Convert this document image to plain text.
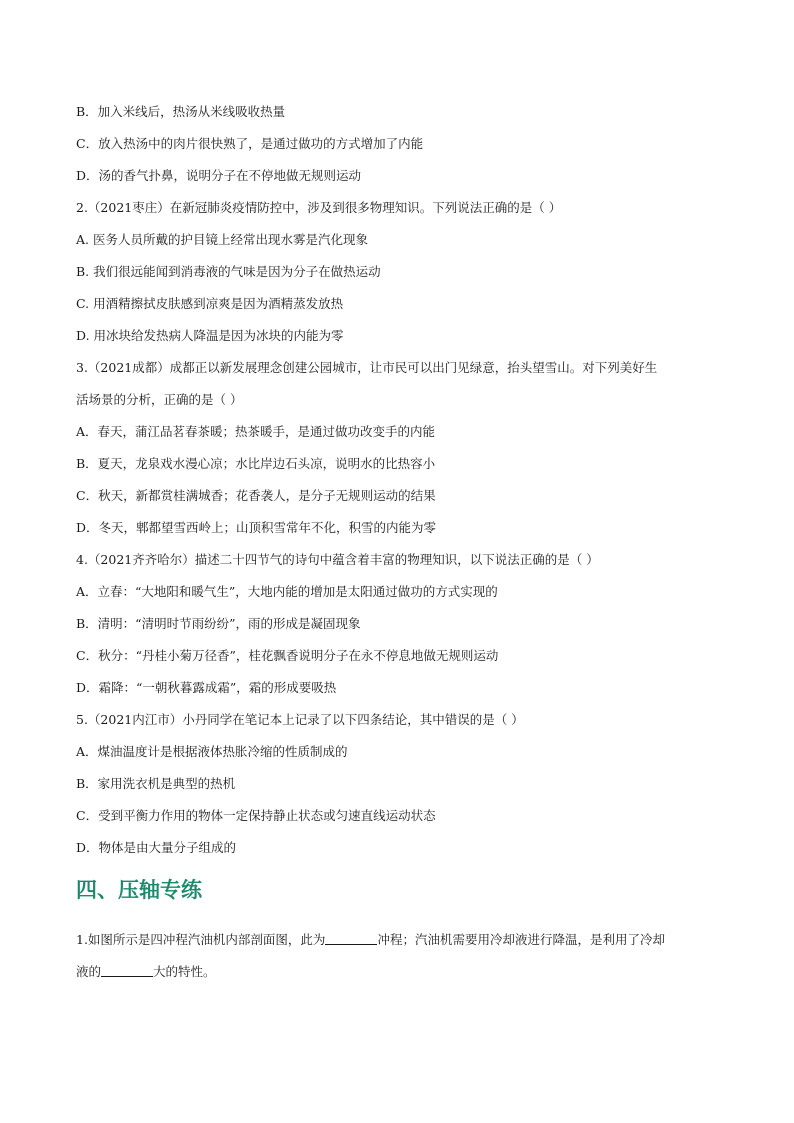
B．加入米线后，热汤从米线吸收热量
C．放入热汤中的肉片很快熟了，是通过做功的方式增加了内能
D．汤的香气扑鼻，说明分子在不停地做无规则运动
2.（2021枣庄）在新冠肺炎疫情防控中，涉及到很多物理知识。下列说法正确的是（ ）
A. 医务人员所戴的护目镜上经常出现水雾是汽化现象
B. 我们很远能闻到消毒液的气味是因为分子在做热运动
C. 用酒精擦拭皮肤感到凉爽是因为酒精蒸发放热
D. 用冰块给发热病人降温是因为冰块的内能为零
3.（2021成都）成都正以新发展理念创建公园城市，让市民可以出门见绿意，抬头望雪山。对下列美好生
活场景的分析，正确的是（ ）
A．春天，蒲江品茗春茶暖；热茶暖手，是通过做功改变手的内能
B．夏天，龙泉戏水漫心凉；水比岸边石头凉，说明水的比热容小
C．秋天，新都赏桂满城香；花香袭人，是分子无规则运动的结果
D．冬天，郫都望雪西岭上；山顶积雪常年不化，积雪的内能为零
4.（2021齐齐哈尔）描述二十四节气的诗句中蕴含着丰富的物理知识，以下说法正确的是（ ）
A．立春：“大地阳和暖气生”，大地内能的增加是太阳通过做功的方式实现的
B．清明：“清明时节雨纷纷”，雨的形成是凝固现象
C．秋分：“丹桂小菊万径香”，桂花飘香说明分子在永不停息地做无规则运动
D．霜降：“一朝秋暮露成霜”，霜的形成要吸热
5.（2021内江市）小丹同学在笔记本上记录了以下四条结论，其中错误的是（ ）
A．煤油温度计是根据液体热胀冷缩的性质制成的
B．家用洗衣机是典型的热机
C．受到平衡力作用的物体一定保持静止状态或匀速直线运动状态
D．物体是由大量分子组成的
四、压轴专练
1.如图所示是四冲程汽油机内部剖面图，此为	冲程；汽油机需要用冷却液进行降温，是利用了冷却
液的	大的特性。
